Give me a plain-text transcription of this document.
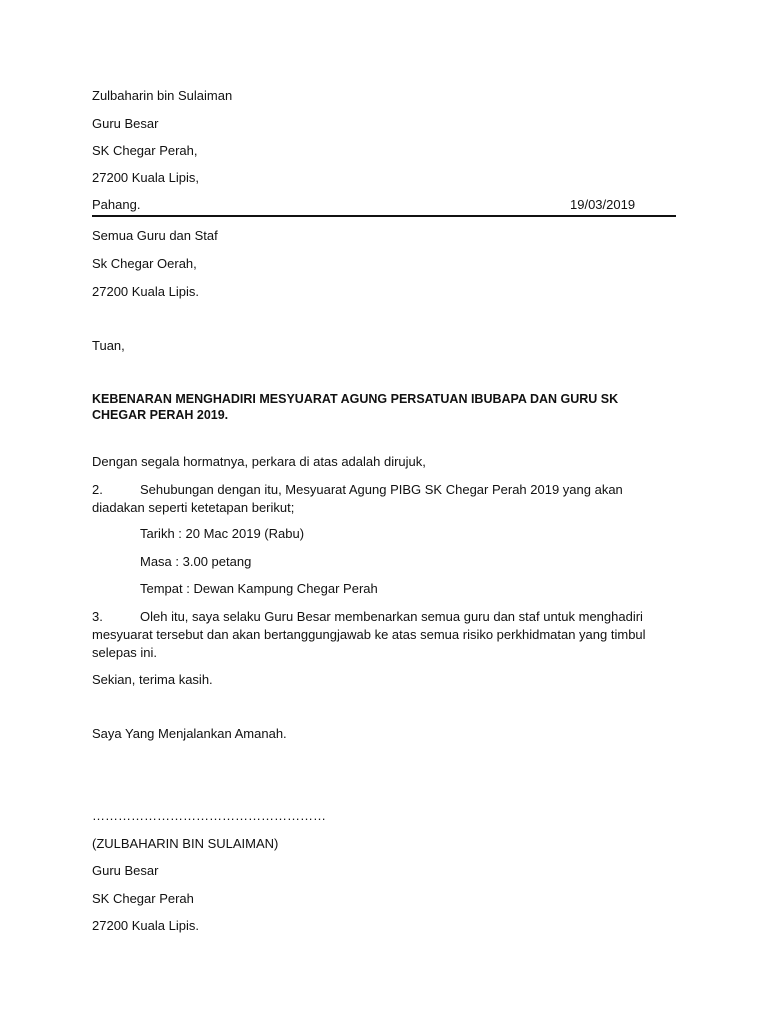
Zulbaharin bin Sulaiman
Guru Besar
SK Chegar Perah,
27200 Kuala Lipis,
Pahang.	19/03/2019
Semua Guru dan Staf
Sk Chegar Oerah,
27200 Kuala Lipis.
Tuan,
KEBENARAN MENGHADIRI MESYUARAT AGUNG PERSATUAN IBUBAPA DAN GURU SK CHEGAR PERAH 2019.
Dengan segala hormatnya, perkara di atas adalah dirujuk,
2.	Sehubungan dengan itu, Mesyuarat Agung PIBG SK Chegar Perah 2019 yang akan diadakan seperti ketetapan berikut;
Tarikh : 20 Mac 2019 (Rabu)
Masa : 3.00 petang
Tempat : Dewan Kampung Chegar Perah
3.	Oleh itu, saya selaku Guru Besar membenarkan semua guru dan staf untuk menghadiri mesyuarat tersebut dan akan bertanggungjawab ke atas semua risiko perkhidmatan yang timbul selepas ini.
Sekian, terima kasih.
Saya Yang Menjalankan Amanah.
………………………………………………
(ZULBAHARIN BIN SULAIMAN)
Guru Besar
SK Chegar Perah
27200 Kuala Lipis.
